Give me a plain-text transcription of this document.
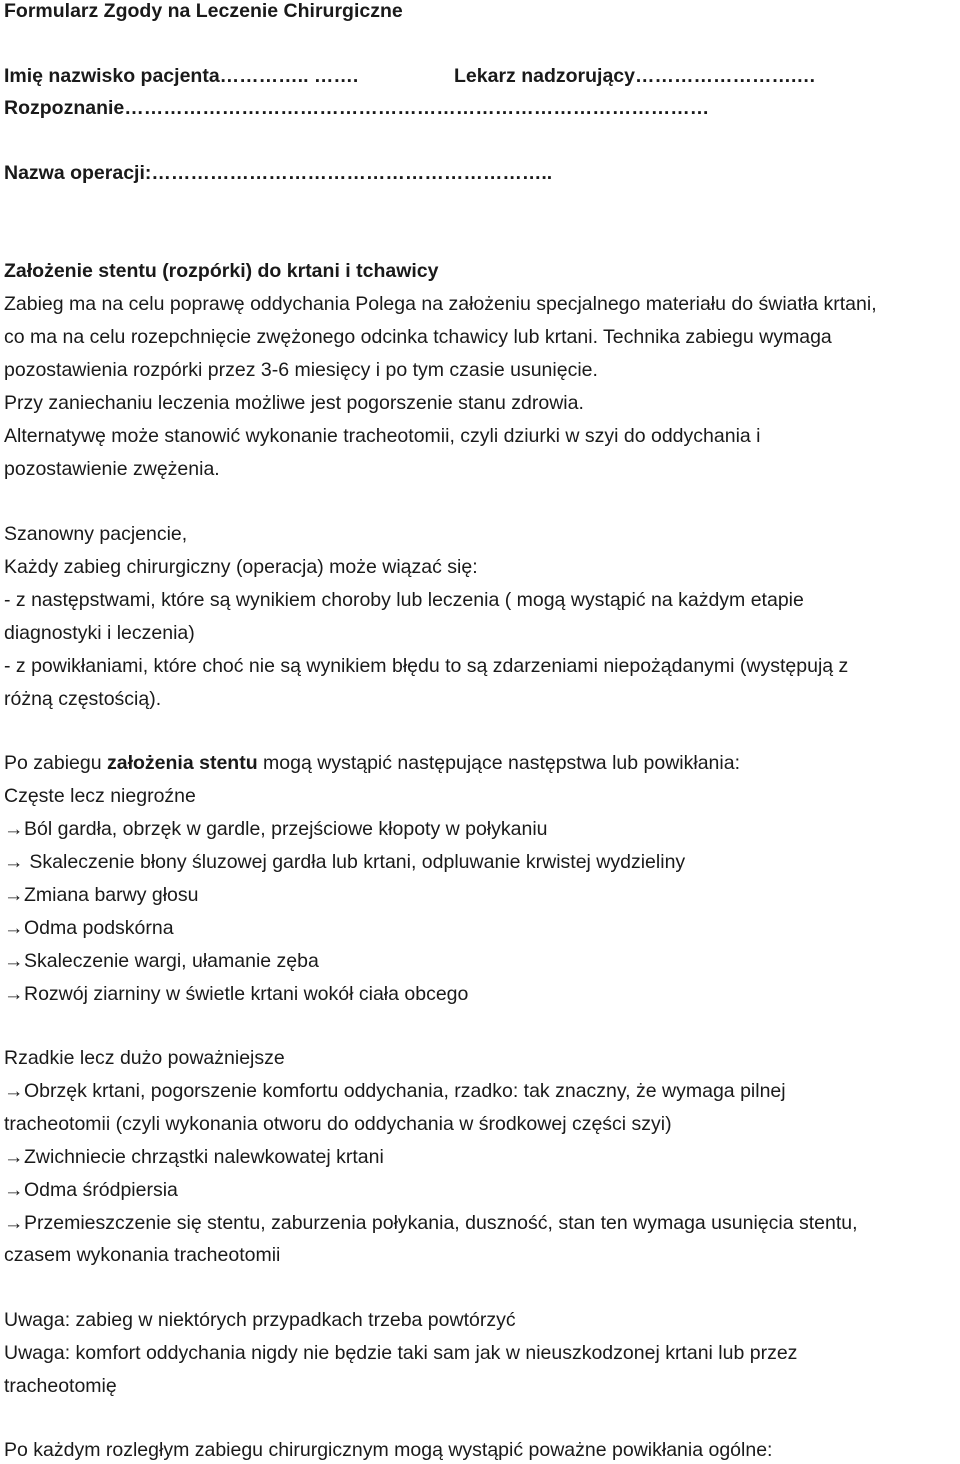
Formularz Zgody na Leczenie Chirurgiczne
Imię nazwisko pacjenta………….. …….	Lekarz nadzorujący…………………….…
Rozpoznanie………………………………………………………………………………
Nazwa operacji:……………………………………………………..
Założenie stentu (rozpórki) do krtani i tchawicy
Zabieg ma na celu poprawę oddychania Polega na założeniu specjalnego materiału do światła krtani,
co ma na celu rozepchnięcie zwężonego odcinka tchawicy lub krtani. Technika zabiegu wymaga
pozostawienia rozpórki przez 3-6 miesięcy i po tym czasie usunięcie.
Przy zaniechaniu leczenia możliwe jest pogorszenie stanu zdrowia.
Alternatywę może stanowić wykonanie tracheotomii, czyli dziurki w szyi do oddychania i
pozostawienie zwężenia.
Szanowny pacjencie,
Każdy zabieg chirurgiczny (operacja) może wiązać się:
- z następstwami, które są wynikiem choroby lub leczenia ( mogą wystąpić na każdym etapie
diagnostyki i leczenia)
- z powikłaniami, które choć nie są wynikiem błędu to są zdarzeniami niepożądanymi (występują z
różną częstością).
Po zabiegu założenia stentu mogą wystąpić następujące następstwa lub powikłania:
Częste lecz niegroźne
→Ból gardła, obrzęk w gardle, przejściowe kłopoty w połykaniu
→ Skaleczenie błony śluzowej gardła lub krtani, odpluwanie krwistej wydzieliny
→Zmiana barwy głosu
→Odma podskórna
→Skaleczenie wargi, ułamanie zęba
→Rozwój ziarniny w świetle krtani wokół ciała obcego
Rzadkie lecz dużo poważniejsze
→Obrzęk krtani, pogorszenie komfortu oddychania, rzadko: tak znaczny, że wymaga pilnej
tracheotomii (czyli wykonania otworu do oddychania w środkowej części szyi)
→Zwichniecie chrząstki nalewkowatej krtani
→Odma śródpiersia
→Przemieszczenie się stentu, zaburzenia połykania, duszność, stan ten wymaga usunięcia stentu,
czasem wykonania tracheotomii
Uwaga: zabieg w niektórych przypadkach trzeba powtórzyć
Uwaga: komfort oddychania nigdy nie będzie taki sam jak w nieuszkodzonej krtani lub przez
tracheotomię
Po każdym rozległym zabiegu chirurgicznym mogą wystąpić poważne powikłania ogólne:
